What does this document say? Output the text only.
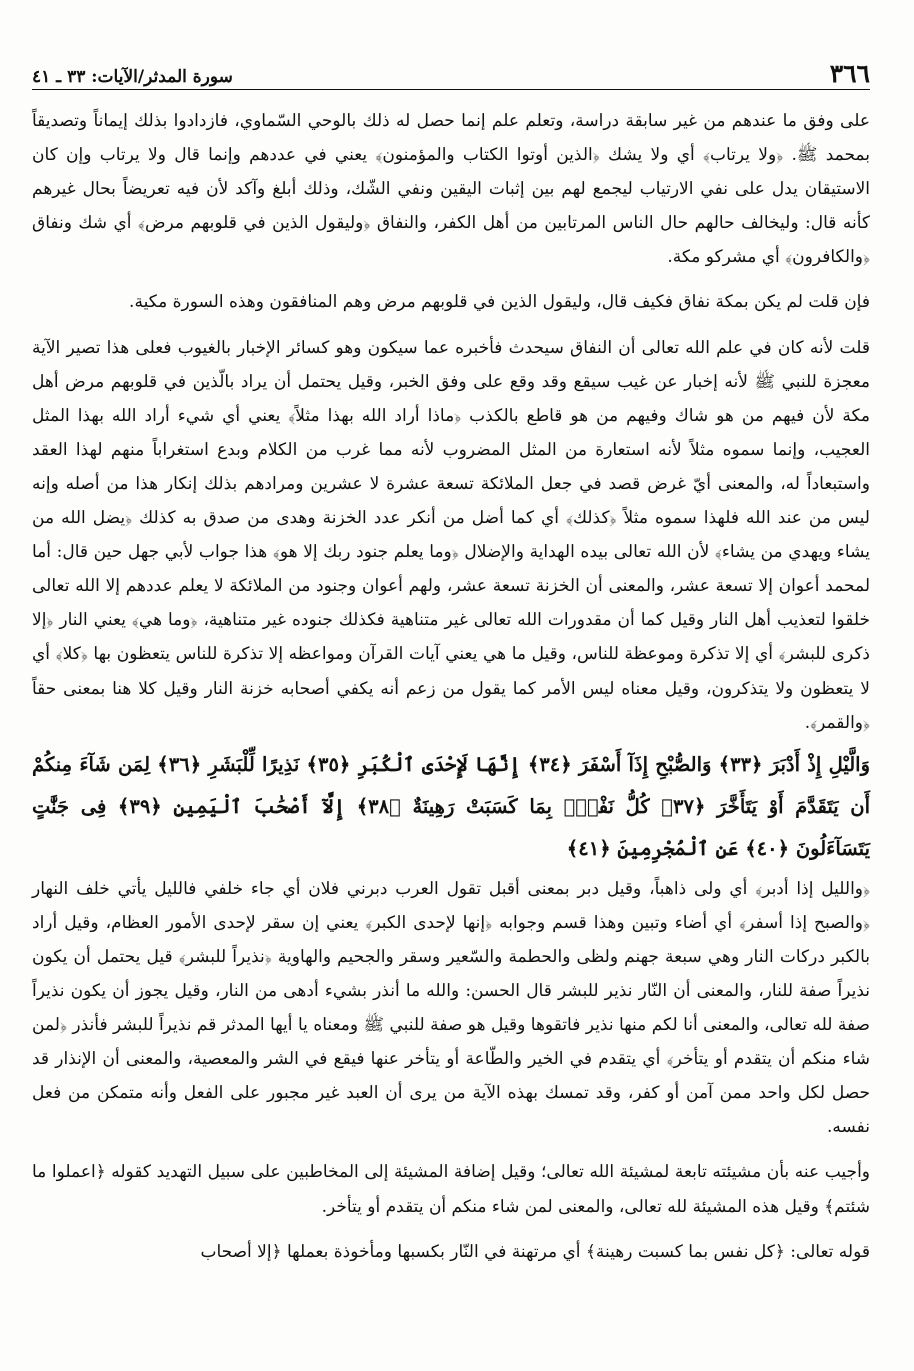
٣٦٦
سورة المدثر/الآيات: ٣٣ ـ ٤١

على وفق ما عندهم من غير سابقة دراسة، وتعلم علم إنما حصل له ذلك بالوحي السّماوي، فازدادوا بذلك إيماناً وتصديقاً بمحمد ﷺ. ﴿ولا يرتاب﴾ أي ولا يشك ﴿الذين أوتوا الكتاب والمؤمنون﴾ يعني في عددهم وإنما قال ولا يرتاب وإن كان الاستيقان يدل على نفي الارتياب ليجمع لهم بين إثبات اليقين ونفي الشّك، وذلك أبلغ وآكد لأن فيه تعريضاً بحال غيرهم كأنه قال: وليخالف حالهم حال الناس المرتابين من أهل الكفر، والنفاق ﴿وليقول الذين في قلوبهم مرض﴾ أي شك ونفاق ﴿والكافرون﴾ أي مشركو مكة.

فإن قلت لم يكن بمكة نفاق فكيف قال، وليقول الذين في قلوبهم مرض وهم المنافقون وهذه السورة مكية.

قلت لأنه كان في علم الله تعالى أن النفاق سيحدث فأخبره عما سيكون وهو كسائر الإخبار بالغيوب فعلى هذا تصير الآية معجزة للنبي ﷺ لأنه إخبار عن غيب سيقع وقد وقع على وفق الخبر، وقيل يحتمل أن يراد بالّذين في قلوبهم مرض أهل مكة لأن فيهم من هو شاك وفيهم من هو قاطع بالكذب ﴿ماذا أراد الله بهذا مثلاً﴾ يعني أي شيء أراد الله بهذا المثل العجيب، وإنما سموه مثلاً لأنه استعارة من المثل المضروب لأنه مما غرب من الكلام وبدع استغراباً منهم لهذا العقد واستبعاداً له، والمعنى أيّ غرض قصد في جعل الملائكة تسعة عشرة لا عشرين ومرادهم بذلك إنكار هذا من أصله وإنه ليس من عند الله فلهذا سموه مثلاً ﴿كذلك﴾ أي كما أضل من أنكر عدد الخزنة وهدى من صدق به كذلك ﴿يضل الله من يشاء ويهدي من يشاء﴾ لأن الله تعالى بيده الهداية والإضلال ﴿وما يعلم جنود ربك إلا هو﴾ هذا جواب لأبي جهل حين قال: أما لمحمد أعوان إلا تسعة عشر، والمعنى أن الخزنة تسعة عشر، ولهم أعوان وجنود من الملائكة لا يعلم عددهم إلا الله تعالى خلقوا لتعذيب أهل النار وقيل كما أن مقدورات الله تعالى غير متناهية فكذلك جنوده غير متناهية، ﴿وما هي﴾ يعني النار ﴿إلا ذكرى للبشر﴾ أي إلا تذكرة وموعظة للناس، وقيل ما هي يعني آيات القرآن ومواعظه إلا تذكرة للناس يتعظون بها ﴿كلا﴾ أي لا يتعظون ولا يتذكرون، وقيل معناه ليس الأمر كما يقول من زعم أنه يكفي أصحابه خزنة النار وقيل كلا هنا بمعنى حقاً ﴿والقمر﴾.

وَالَّيْلِ إِذْ أَدْبَرَ ﴿٣٣﴾ وَالصُّبْحِ إِذَآ أَسْفَرَ ﴿٣٤﴾ إِنَّهَا لَإِحْدَى ٱلْكُبَرِ ﴿٣٥﴾ نَذِيرًا لِّلْبَشَرِ ﴿٣٦﴾ لِمَن شَآءَ مِنكُمْ أَن يَتَقَدَّمَ أَوْ يَتَأَخَّرَ ﴿٣٧﴾ كُلُّ نَفْسٍۭ بِمَا كَسَبَتْ رَهِينَةٌ ﴿٣٨﴾ إِلَّآ أَصْحَٰبَ ٱلْيَمِينِ ﴿٣٩﴾ فِى جَنَّٰتٍ يَتَسَآءَلُونَ ﴿٤٠﴾ عَنِ ٱلْمُجْرِمِينَ ﴿٤١﴾

﴿والليل إذا أدبر﴾ أي ولى ذاهباً، وقيل دبر بمعنى أقبل تقول العرب دبرني فلان أي جاء خلفي فالليل يأتي خلف النهار ﴿والصبح إذا أسفر﴾ أي أضاء وتبين وهذا قسم وجوابه ﴿إنها لإحدى الكبر﴾ يعني إن سقر لإحدى الأمور العظام، وقيل أراد بالكبر دركات النار وهي سبعة جهنم ولظى والحطمة والسّعير وسقر والجحيم والهاوية ﴿نذيراً للبشر﴾ قيل يحتمل أن يكون نذيراً صفة للنار، والمعنى أن النّار نذير للبشر قال الحسن: والله ما أنذر بشيء أدهى من النار، وقيل يجوز أن يكون نذيراً صفة لله تعالى، والمعنى أنا لكم منها نذير فاتقوها وقيل هو صفة للنبي ﷺ ومعناه يا أيها المدثر قم نذيراً للبشر فأنذر ﴿لمن شاء منكم أن يتقدم أو يتأخر﴾ أي يتقدم في الخير والطّاعة أو يتأخر عنها فيقع في الشر والمعصية، والمعنى أن الإنذار قد حصل لكل واحد ممن آمن أو كفر، وقد تمسك بهذه الآية من يرى أن العبد غير مجبور على الفعل وأنه متمكن من فعل نفسه.

وأجيب عنه بأن مشيئته تابعة لمشيئة الله تعالى؛ وقيل إضافة المشيئة إلى المخاطبين على سبيل التهديد كقوله ﴿اعملوا ما شئتم﴾ وقيل هذه المشيئة لله تعالى، والمعنى لمن شاء منكم أن يتقدم أو يتأخر.

قوله تعالى: ﴿كل نفس بما كسبت رهينة﴾ أي مرتهنة في النّار بكسبها ومأخوذة بعملها ﴿إلا أصحاب
